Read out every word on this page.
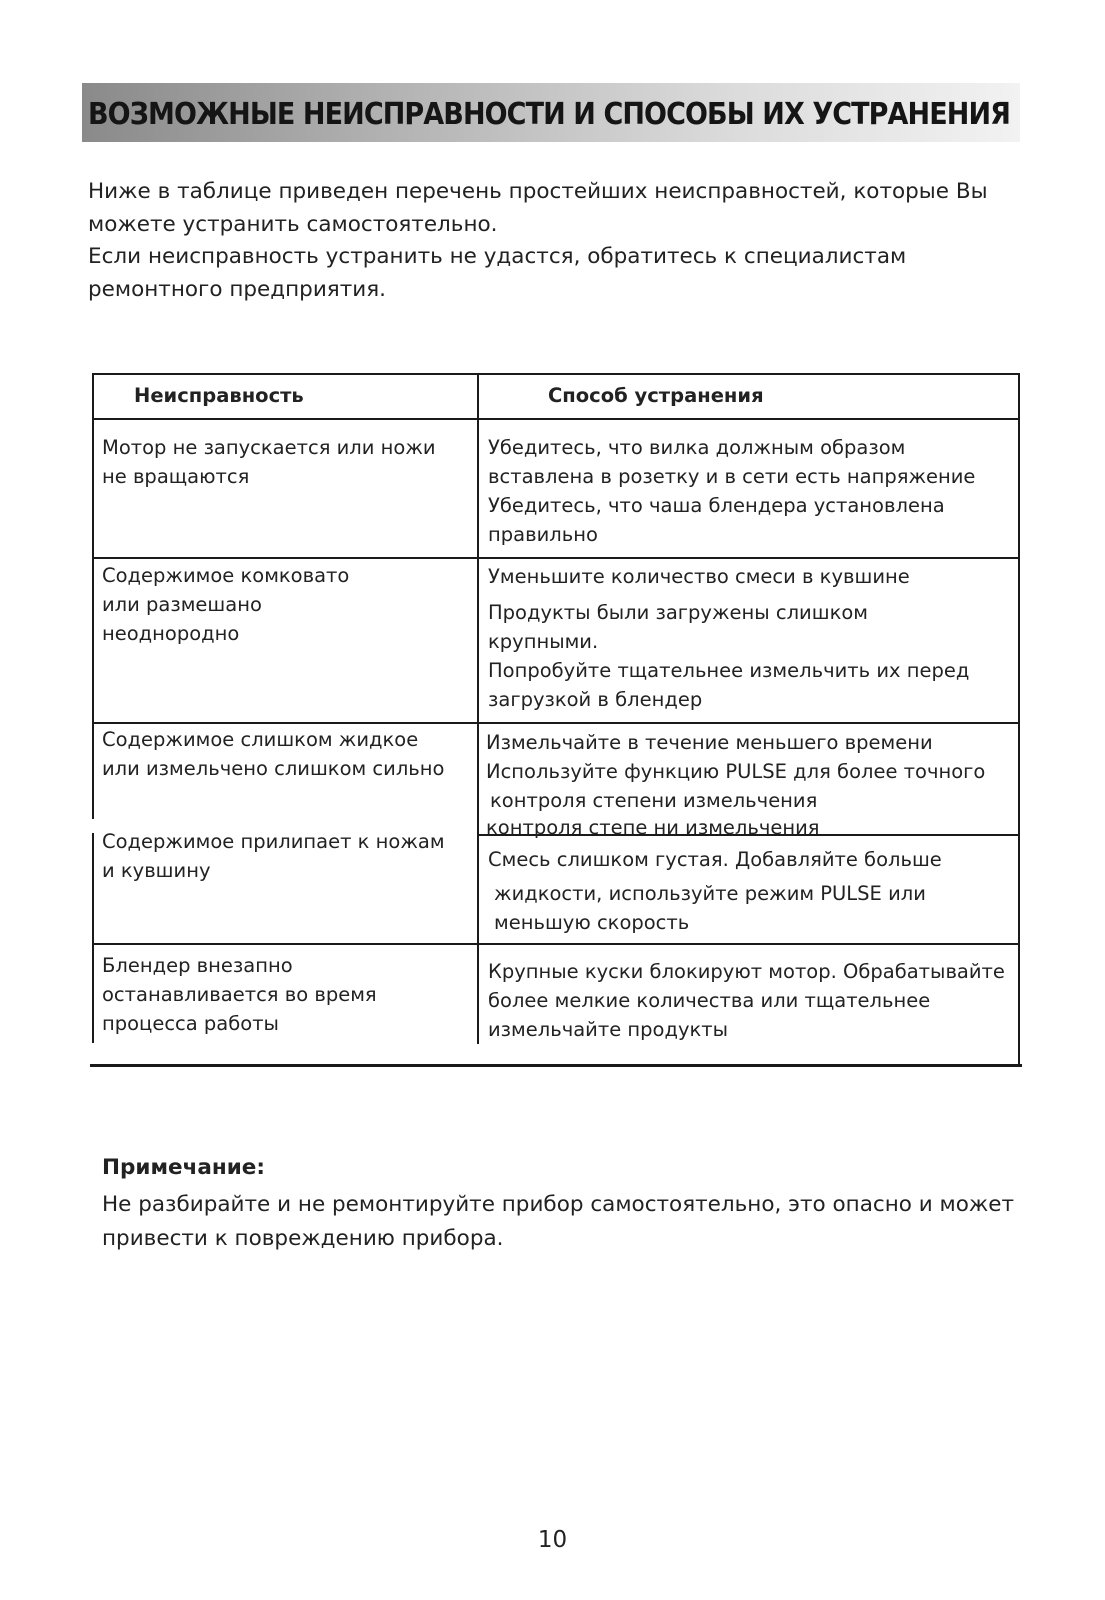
ВОЗМОЖНЫЕ НЕИСПРАВНОСТИ И СПОСОБЫ ИХ УСТРАНЕНИЯ

Ниже в таблице приведен перечень простейших неисправностей, которые Вы

можете устранить самостоятельно.

Если неисправность устранить не удастся, обратитесь к специалистам

ремонтного предприятия.

Неисправность	Способ устранения

Мотор не запускается или ножи

не вращаются

Убедитесь, что вилка должным образом

вставлена в розетку и в сети есть напряжение

Убедитесь, что чаша блендера установлена

правильно

Содержимое комковато

или размешано

неоднородно

Уменьшите количество смеси в кувшине

Продукты были загружены слишком

крупными.

Попробуйте тщательнее измельчить их перед

загрузкой в блендер

Содержимое слишком жидкое

или измельчено слишком сильно

Измельчайте в течение меньшего времени

Используйте функцию PULSE для более точного

контроля степени измельчения

контроля степе ни измельчения

Содержимое прилипает к ножам

и кувшину	Смесь слишком густая. Добавляйте больше

жидкости, используйте режим PULSE или

меньшую скорость

Блендер внезапно

останавливается во время

процесса работы

Крупные куски блокируют мотор. Обрабатывайте

более мелкие количества или тщательнее

измельчайте продукты

Примечание:
Не разбирайте и не ремонтируйте прибор самостоятельно, это опасно и может
привести к повреждению прибора.
10
